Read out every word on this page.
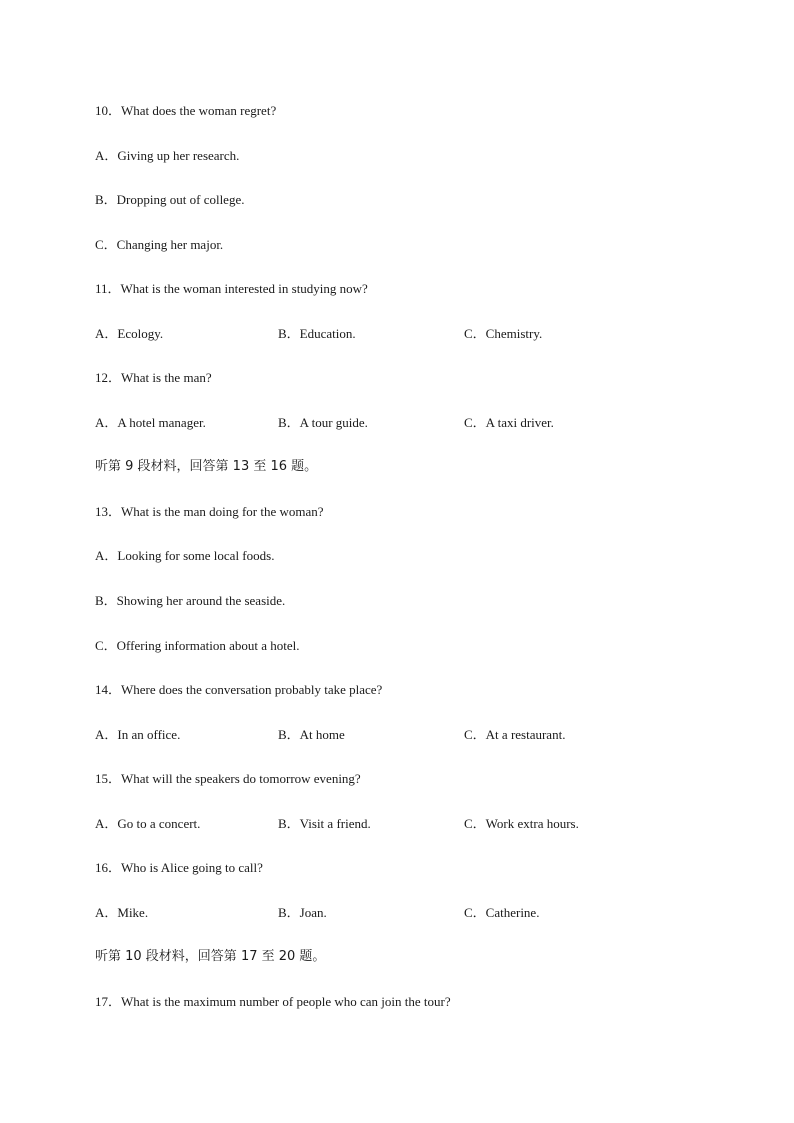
10．What does the woman regret?
A．Giving up her research.
B．Dropping out of college.
C．Changing her major.
11．What is the woman interested in studying now?
A．Ecology.	B．Education.	C．Chemistry.
12．What is the man?
A．A hotel manager.	B．A tour guide.	C．A taxi driver.
听第 9 段材料，回答第 13 至 16 题。
13．What is the man doing for the woman?
A．Looking for some local foods.
B．Showing her around the seaside.
C．Offering information about a hotel.
14．Where does the conversation probably take place?
A．In an office.	B．At home	C．At a restaurant.
15．What will the speakers do tomorrow evening?
A．Go to a concert.	B．Visit a friend.	C．Work extra hours.
16．Who is Alice going to call?
A．Mike.	B．Joan.	C．Catherine.
听第 10 段材料，回答第 17 至 20 题。
17．What is the maximum number of people who can join the tour?
